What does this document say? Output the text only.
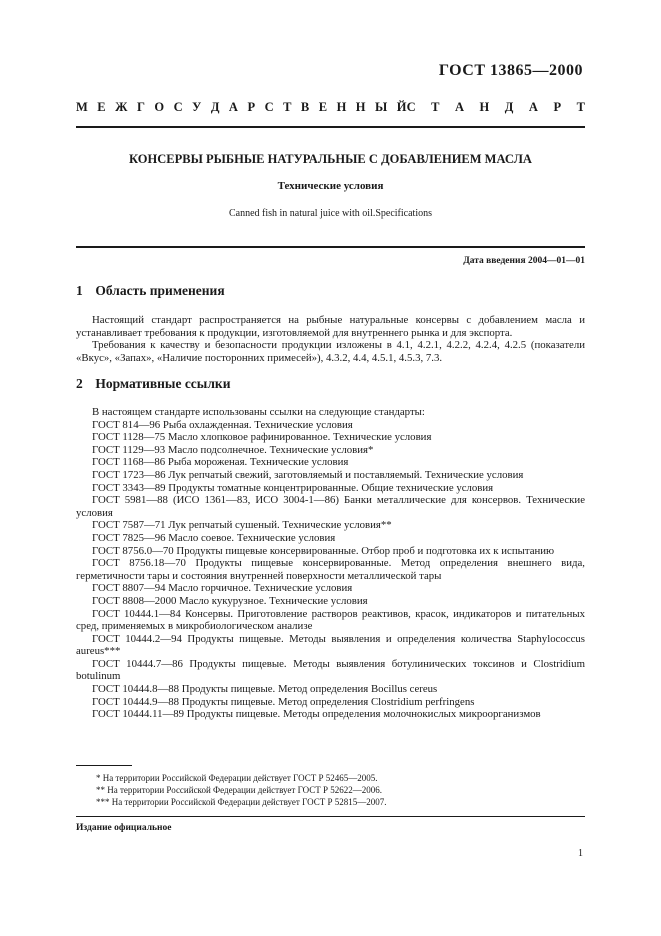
ГОСТ 13865—2000
М Е Ж Г О С У Д А Р С Т В Е Н Н Ы Й С Т А Н Д А Р Т
КОНСЕРВЫ РЫБНЫЕ НАТУРАЛЬНЫЕ С ДОБАВЛЕНИЕМ МАСЛА
Технические условия
Canned fish in natural juice with oil.Specifications
Дата введения 2004—01—01
1 Область применения

Настоящий стандарт распространяется на рыбные натуральные консервы с добавлением масла и устанавливает требования к продукции, изготовляемой для внутреннего рынка и для экспорта.

Требования к качеству и безопасности продукции изложены в 4.1, 4.2.1, 4.2.2, 4.2.4, 4.2.5 (показатели «Вкус», «Запах», «Наличие посторонних примесей»), 4.3.2, 4.4, 4.5.1, 4.5.3, 7.3.

2 Нормативные ссылки
В настоящем стандарте использованы ссылки на следующие стандарты:
ГОСТ 814—96 Рыба охлажденная. Технические условия
ГОСТ 1128—75 Масло хлопковое рафинированное. Технические условия
ГОСТ 1129—93 Масло подсолнечное. Технические условия*
ГОСТ 1168—86 Рыба мороженая. Технические условия
ГОСТ 1723—86 Лук репчатый свежий, заготовляемый и поставляемый. Технические условия
ГОСТ 3343—89 Продукты томатные концентрированные. Общие технические условия
ГОСТ 5981—88 (ИСО 1361—83, ИСО 3004-1—86) Банки металлические для консервов. Технические условия
ГОСТ 7587—71 Лук репчатый сушеный. Технические условия**
ГОСТ 7825—96 Масло соевое. Технические условия
ГОСТ 8756.0—70 Продукты пищевые консервированные. Отбор проб и подготовка их к испытанию
ГОСТ 8756.18—70 Продукты пищевые консервированные. Метод определения внешнего вида, герметичности тары и состояния внутренней поверхности металлической тары
ГОСТ 8807—94 Масло горчичное. Технические условия
ГОСТ 8808—2000 Масло кукурузное. Технические условия
ГОСТ 10444.1—84 Консервы. Приготовление растворов реактивов, красок, индикаторов и питательных сред, применяемых в микробиологическом анализе
ГОСТ 10444.2—94 Продукты пищевые. Методы выявления и определения количества Staphylococcus aureus***
ГОСТ 10444.7—86 Продукты пищевые. Методы выявления ботулинических токсинов и Clostridium botulinum
ГОСТ 10444.8—88 Продукты пищевые. Метод определения Bocillus cereus
ГОСТ 10444.9—88 Продукты пищевые. Метод определения Clostridium perfringens
ГОСТ 10444.11—89 Продукты пищевые. Методы определения молочнокислых микроорганизмов
* На территории Российской Федерации действует ГОСТ Р 52465—2005.
** На территории Российской Федерации действует ГОСТ Р 52622—2006.
*** На территории Российской Федерации действует ГОСТ Р 52815—2007.
Издание официальное
1
